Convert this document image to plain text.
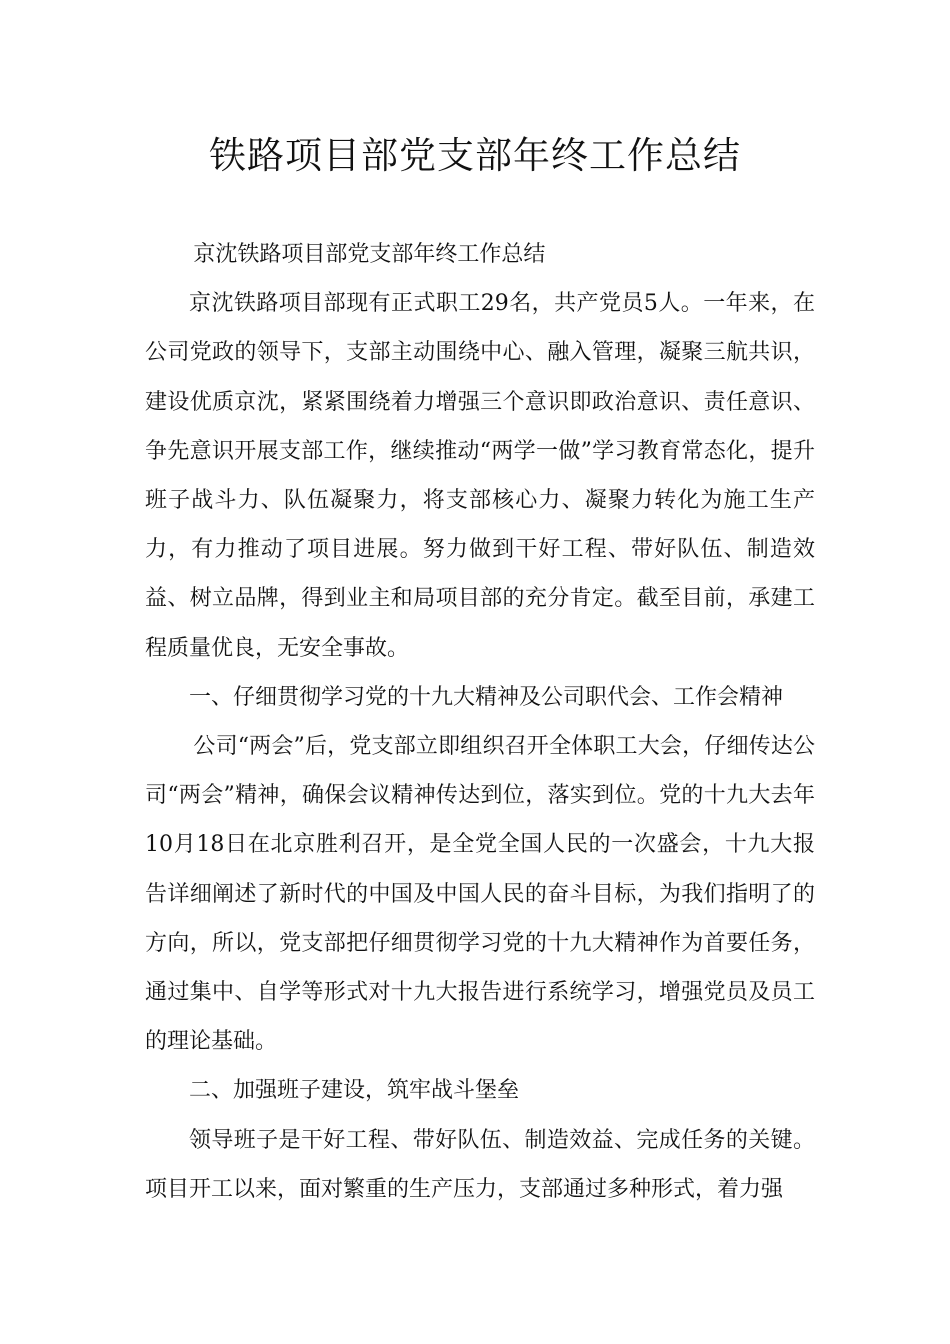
铁路项目部党支部年终工作总结

京沈铁路项目部党支部年终工作总结

京沈铁路项目部现有正式职工29名，共产党员5人。一年来，在公司党政的领导下，支部主动围绕中心、融入管理，凝聚三航共识，建设优质京沈，紧紧围绕着力增强三个意识即政治意识、责任意识、争先意识开展支部工作，继续推动“两学一做”学习教育常态化，提升班子战斗力、队伍凝聚力，将支部核心力、凝聚力转化为施工生产力，有力推动了项目进展。努力做到干好工程、带好队伍、制造效益、树立品牌，得到业主和局项目部的充分肯定。截至目前，承建工程质量优良，无安全事故。

一、仔细贯彻学习党的十九大精神及公司职代会、工作会精神

公司“两会”后，党支部立即组织召开全体职工大会，仔细传达公司“两会”精神，确保会议精神传达到位，落实到位。党的十九大去年10月18日在北京胜利召开，是全党全国人民的一次盛会，十九大报告详细阐述了新时代的中国及中国人民的奋斗目标，为我们指明了的方向，所以，党支部把仔细贯彻学习党的十九大精神作为首要任务，通过集中、自学等形式对十九大报告进行系统学习，增强党员及员工的理论基础。

二、加强班子建设，筑牢战斗堡垒

领导班子是干好工程、带好队伍、制造效益、完成任务的关键。项目开工以来，面对繁重的生产压力，支部通过多种形式，着力强
